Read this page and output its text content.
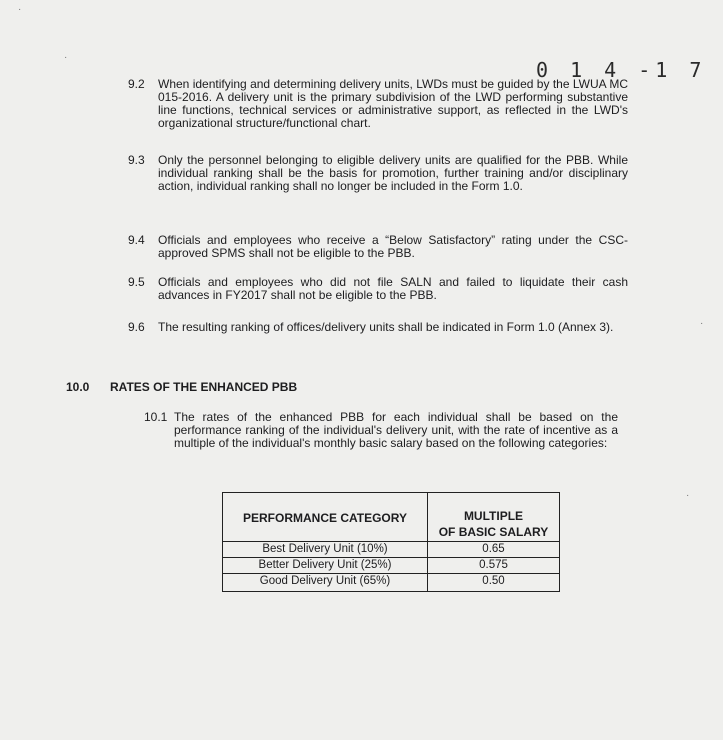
0 1 4 -1 7
9.2 When identifying and determining delivery units, LWDs must be guided by the LWUA MC 015-2016. A delivery unit is the primary subdivision of the LWD performing substantive line functions, technical services or administrative support, as reflected in the LWD's organizational structure/functional chart.
9.3 Only the personnel belonging to eligible delivery units are qualified for the PBB. While individual ranking shall be the basis for promotion, further training and/or disciplinary action, individual ranking shall no longer be included in the Form 1.0.
9.4 Officials and employees who receive a “Below Satisfactory” rating under the CSC-approved SPMS shall not be eligible to the PBB.
9.5 Officials and employees who did not file SALN and failed to liquidate their cash advances in FY2017 shall not be eligible to the PBB.
9.6 The resulting ranking of offices/delivery units shall be indicated in Form 1.0 (Annex 3).
10.0 RATES OF THE ENHANCED PBB
10.1 The rates of the enhanced PBB for each individual shall be based on the performance ranking of the individual's delivery unit, with the rate of incentive as a multiple of the individual's monthly basic salary based on the following categories:
PERFORMANCE CATEGORY	MULTIPLE
OF BASIC SALARY
Best Delivery Unit (10%)	0.65
Better Delivery Unit (25%)	0.575
Good Delivery Unit (65%)	0.50
·
·
·
·
